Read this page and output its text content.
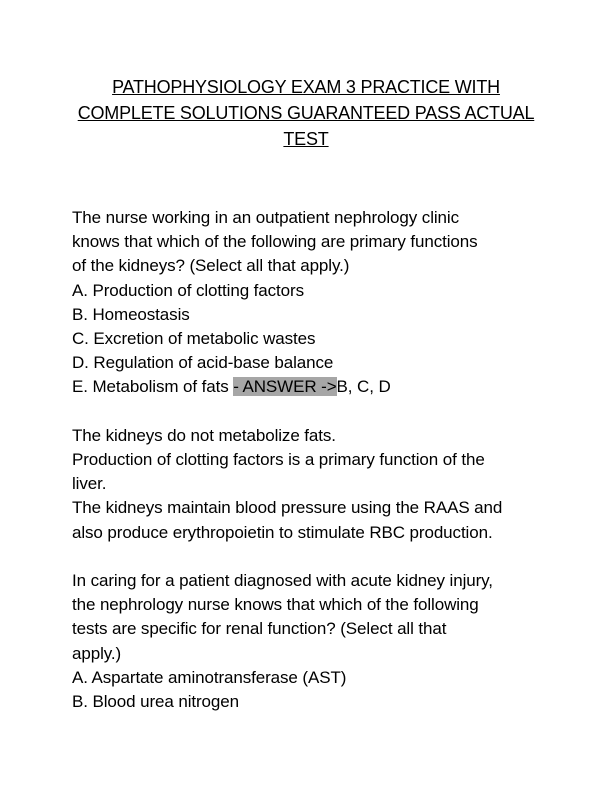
PATHOPHYSIOLOGY EXAM 3 PRACTICE WITH
COMPLETE SOLUTIONS GUARANTEED PASS ACTUAL
TEST
The nurse working in an outpatient nephrology clinic
knows that which of the following are primary functions
of the kidneys? (Select all that apply.)
A. Production of clotting factors
B. Homeostasis
C. Excretion of metabolic wastes
D. Regulation of acid-base balance
E. Metabolism of fats - ANSWER ->B, C, D
The kidneys do not metabolize fats.
Production of clotting factors is a primary function of the
liver.
The kidneys maintain blood pressure using the RAAS and
also produce erythropoietin to stimulate RBC production.
In caring for a patient diagnosed with acute kidney injury,
the nephrology nurse knows that which of the following
tests are specific for renal function? (Select all that
apply.)
A. Aspartate aminotransferase (AST)
B. Blood urea nitrogen
